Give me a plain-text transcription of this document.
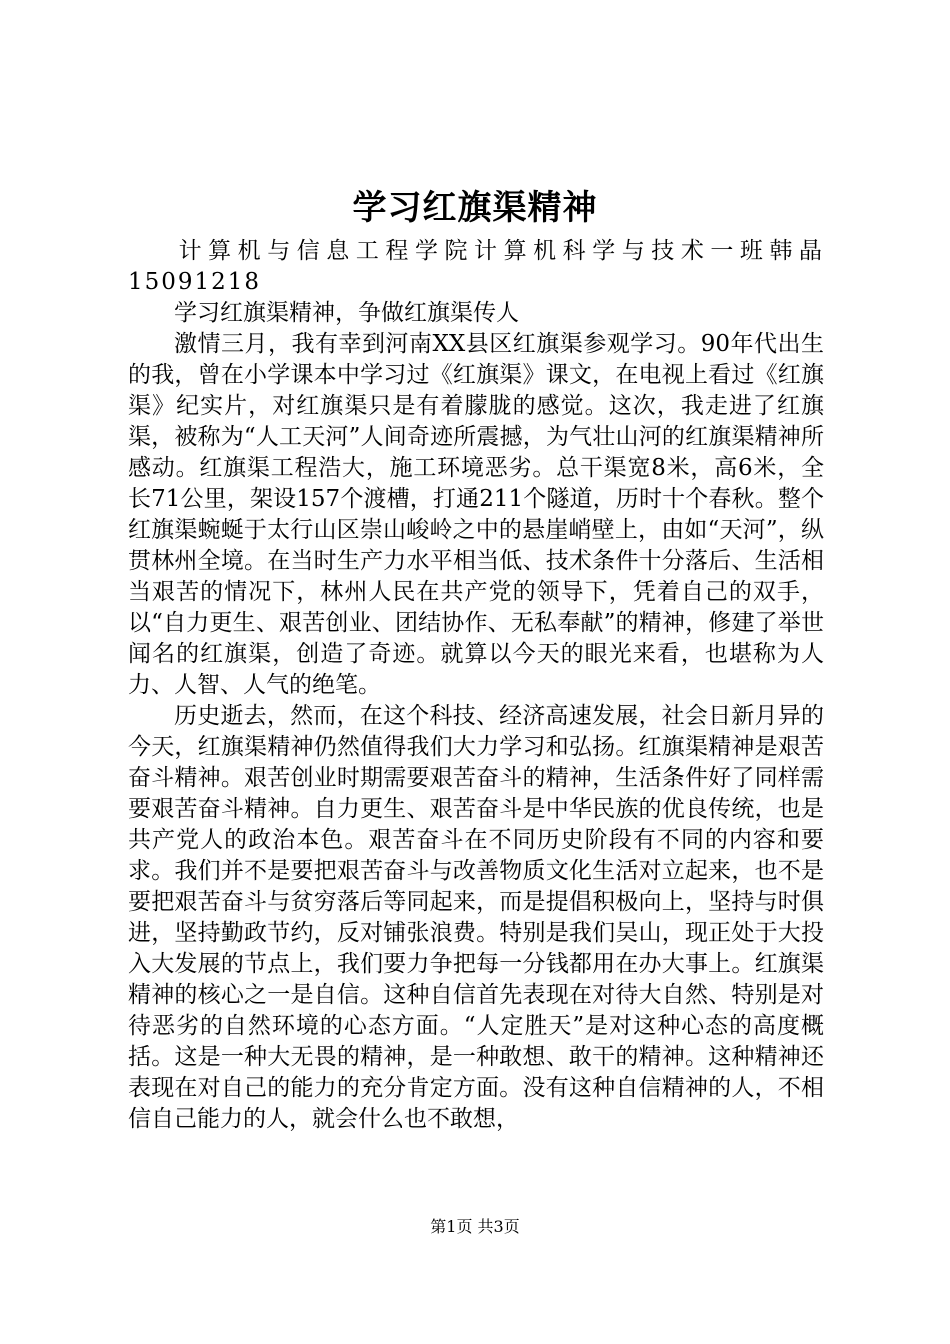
学习红旗渠精神

计算机与信息工程学院计算机科学与技术一班韩晶 15091218

学习红旗渠精神，争做红旗渠传人

激情三月，我有幸到河南XX县区红旗渠参观学习。90年代出生的我，曾在小学课本中学习过《红旗渠》课文，在电视上看过《红旗渠》纪实片，对红旗渠只是有着朦胧的感觉。这次，我走进了红旗渠，被称为“人工天河”人间奇迹所震撼，为气壮山河的红旗渠精神所感动。红旗渠工程浩大，施工环境恶劣。总干渠宽8米，高6米，全长71公里，架设157个渡槽，打通211个隧道，历时十个春秋。整个红旗渠蜿蜒于太行山区崇山峻岭之中的悬崖峭壁上，由如“天河”，纵贯林州全境。在当时生产力水平相当低、技术条件十分落后、生活相当艰苦的情况下，林州人民在共产党的领导下，凭着自己的双手，以“自力更生、艰苦创业、团结协作、无私奉献”的精神，修建了举世闻名的红旗渠，创造了奇迹。就算以今天的眼光来看，也堪称为人力、人智、人气的绝笔。

历史逝去，然而，在这个科技、经济高速发展，社会日新月异的今天，红旗渠精神仍然值得我们大力学习和弘扬。红旗渠精神是艰苦奋斗精神。艰苦创业时期需要艰苦奋斗的精神，生活条件好了同样需要艰苦奋斗精神。自力更生、艰苦奋斗是中华民族的优良传统，也是共产党人的政治本色。艰苦奋斗在不同历史阶段有不同的内容和要求。我们并不是要把艰苦奋斗与改善物质文化生活对立起来，也不是要把艰苦奋斗与贫穷落后等同起来，而是提倡积极向上，坚持与时俱进，坚持勤政节约，反对铺张浪费。特别是我们吴山，现正处于大投入大发展的节点上，我们要力争把每一分钱都用在办大事上。红旗渠精神的核心之一是自信。这种自信首先表现在对待大自然、特别是对待恶劣的自然环境的心态方面。“人定胜天”是对这种心态的高度概括。这是一种大无畏的精神，是一种敢想、敢干的精神。这种精神还表现在对自己的能力的充分肯定方面。没有这种自信精神的人，不相信自己能力的人，就会什么也不敢想，

第1页 共3页
